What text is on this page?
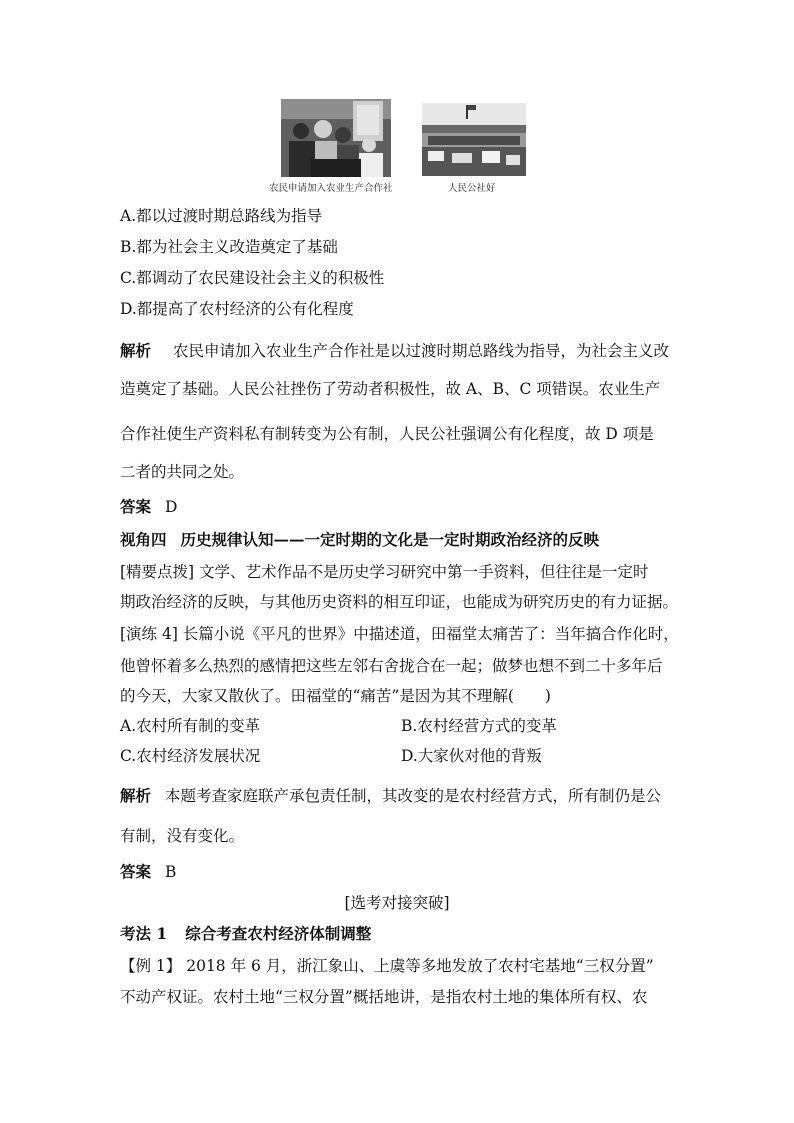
农民申请加入农业生产合作社	人民公社好
A.都以过渡时期总路线为指导
B.都为社会主义改造奠定了基础
C.都调动了农民建设社会主义的积极性
D.都提高了农村经济的公有化程度
解析 农民申请加入农业生产合作社是以过渡时期总路线为指导，为社会主义改
造奠定了基础。人民公社挫伤了劳动者积极性，故 A、B、C 项错误。农业生产
合作社使生产资料私有制转变为公有制，人民公社强调公有化程度，故 D 项是
二者的共同之处。
答案 D
视角四 历史规律认知——一定时期的文化是一定时期政治经济的反映
[精要点拨] 文学、艺术作品不是历史学习研究中第一手资料，但往往是一定时
期政治经济的反映，与其他历史资料的相互印证，也能成为研究历史的有力证据。
[演练 4] 长篇小说《平凡的世界》中描述道，田福堂太痛苦了：当年搞合作化时，
他曾怀着多么热烈的感情把这些左邻右舍拢合在一起；做梦也想不到二十多年后
的今天，大家又散伙了。田福堂的“痛苦”是因为其不理解(　　)
A.农村所有制的变革	B.农村经营方式的变革
C.农村经济发展状况	D.大家伙对他的背叛
解析 本题考查家庭联产承包责任制，其改变的是农村经营方式，所有制仍是公
有制，没有变化。
答案 B
[选考对接突破]
考法 1 综合考查农村经济体制调整
【例 1】 2018 年 6 月，浙江象山、上虞等多地发放了农村宅基地“三权分置”
不动产权证。农村土地“三权分置”概括地讲，是指农村土地的集体所有权、农
